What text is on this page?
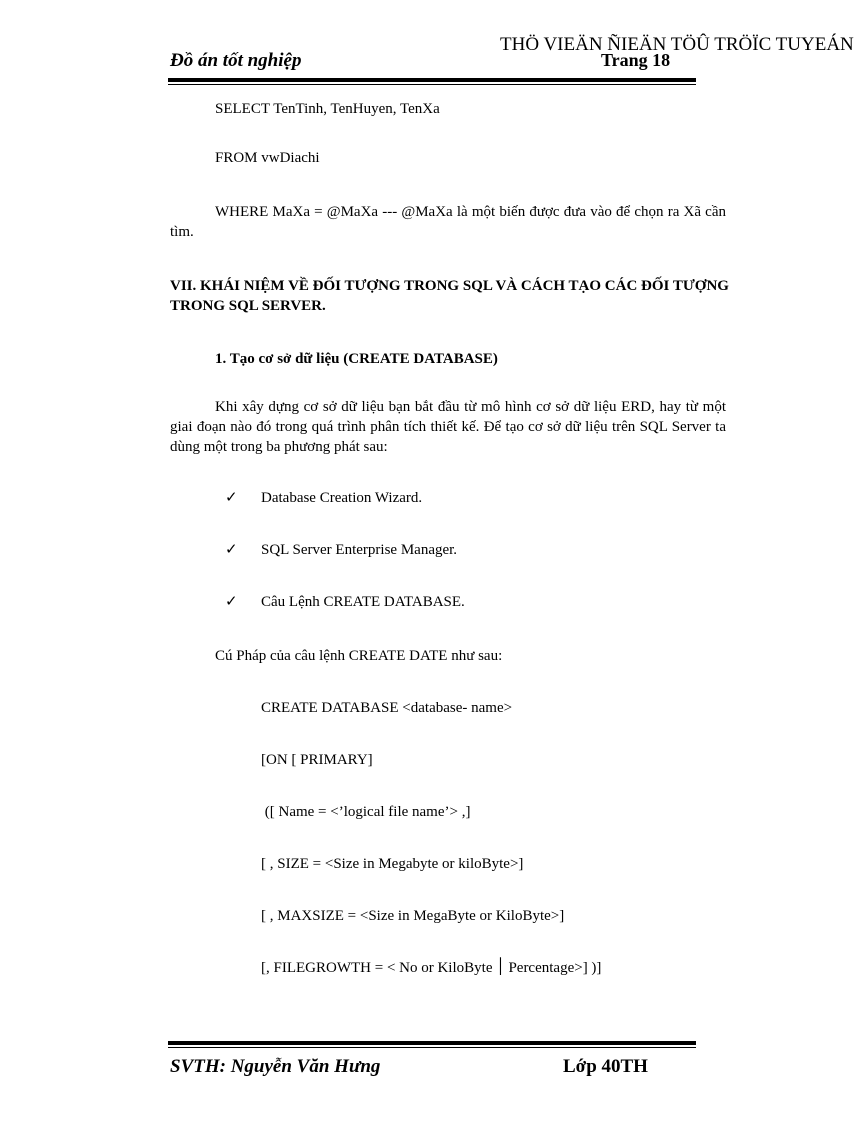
THÖ VIEÄN ÑIEÄN TÖÛ TRÖÏC TUYEÁN
Đồ án tốt nghiệp	Trang 18
SELECT TenTinh, TenHuyen, TenXa
FROM vwDiachi
WHERE MaXa = @MaXa --- @MaXa là một biến được đưa vào để chọn ra Xã cần tìm.
VII. KHÁI NIỆM VỀ ĐỐI TƯỢNG TRONG SQL VÀ CÁCH TẠO CÁC ĐỐI TƯỢNG TRONG SQL SERVER.
1. Tạo cơ sở dữ liệu (CREATE DATABASE)
Khi xây dựng cơ sở dữ liệu bạn bắt đầu từ mô hình cơ sở dữ liệu ERD, hay từ một giai đoạn nào đó trong quá trình phân tích thiết kế. Để tạo cơ sở dữ liệu trên SQL Server ta dùng một trong ba phương phát sau:
✓ Database Creation Wizard.
✓ SQL Server Enterprise Manager.
✓ Câu Lệnh CREATE DATABASE.
Cú Pháp của câu lệnh CREATE DATE như sau:
CREATE DATABASE <database- name>
[ON [ PRIMARY]
([ Name = <’logical file name’> ,]
[ , SIZE = <Size in Megabyte or kiloByte>]
[ , MAXSIZE = <Size in MegaByte or KiloByte>]
[, FILEGROWTH = < No or KiloByte ׀ Percentage>] )]
SVTH: Nguyễn Văn Hưng	Lớp 40TH
